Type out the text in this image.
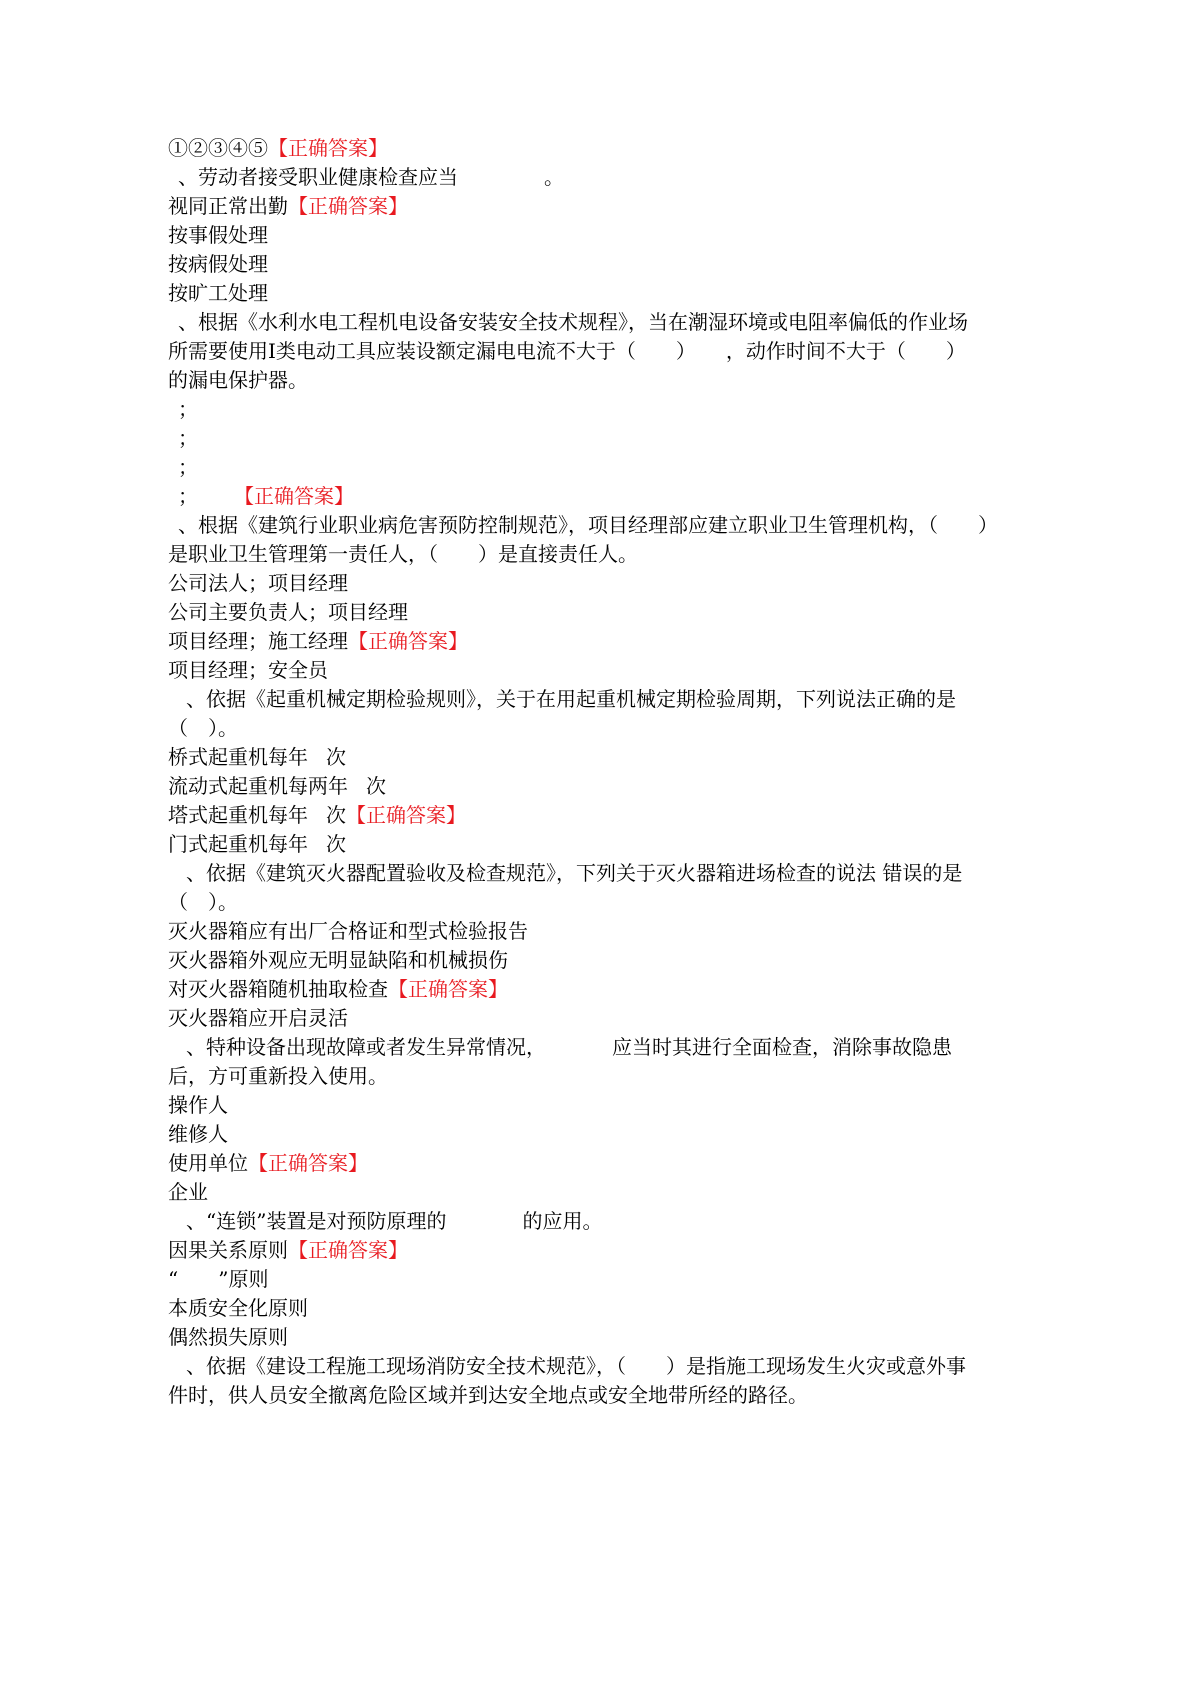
①②③④⑤【正确答案】
、劳动者接受职业健康检查应当	。
视同正常出勤【正确答案】
按事假处理
按病假处理
按旷工处理
、根据《水利水电工程机电设备安装安全技术规程》，当在潮湿环境或电阻率偏低的作业场
所需要使用Ⅰ类电动工具应装设额定漏电电流不大于（　　）　　，动作时间不大于（　　）
的漏电保护器。
；
；
；
； 【正确答案】
、根据《建筑行业职业病危害预防控制规范》，项目经理部应建立职业卫生管理机构，（　　）
是职业卫生管理第一责任人，（　　）是直接责任人。
公司法人；项目经理
公司主要负责人；项目经理
项目经理；施工经理【正确答案】
项目经理；安全员
、依据《起重机械定期检验规则》，关于在用起重机械定期检验周期，下列说法正确的是
（　）。
桥式起重机每年 次
流动式起重机每两年 次
塔式起重机每年 次【正确答案】
门式起重机每年 次
、依据《建筑灭火器配置验收及检查规范》，下列关于灭火器箱进场检查的说法 错误的是
（　）。
灭火器箱应有出厂合格证和型式检验报告
灭火器箱外观应无明显缺陷和机械损伤
对灭火器箱随机抽取检查【正确答案】
灭火器箱应开启灵活
、特种设备出现故障或者发生异常情况，	应当时其进行全面检查，消除事故隐患
后，方可重新投入使用。
操作人
维修人
使用单位【正确答案】
企业
、“连锁”装置是对预防原理的	的应用。
因果关系原则【正确答案】
“　　”原则
本质安全化原则
偶然损失原则
、依据《建设工程施工现场消防安全技术规范》，（　　）是指施工现场发生火灾或意外事
件时，供人员安全撤离危险区域并到达安全地点或安全地带所经的路径。
